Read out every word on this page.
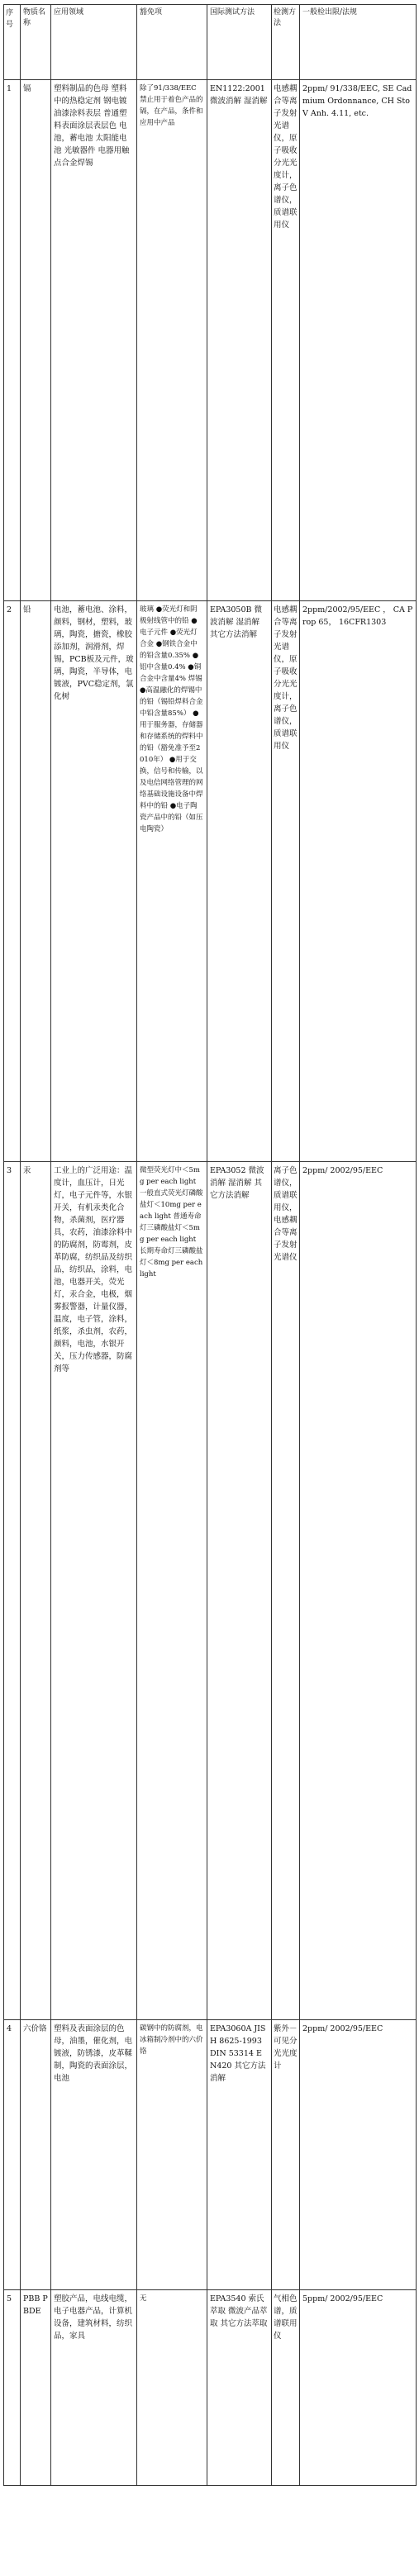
序号	物质名称	应用领域	豁免项	国际测试方法	检测方法	一般检出限/法规
1	镉	塑料制品的色母 塑料中的热稳定剂 钢电镀 油漆涂料表层 普通塑料表面涂层表层色 电池，蓄电池 太阳能电池 光敏器件 电器用触点合金焊锡	除了91/338/EEC 禁止用于着色产品的镉，在产品，条件和应用中产品	EN1122:2001 微波消解 湿消解	电感耦合等离子发射光谱仪，原子吸收分光光度计，离子色谱仪，质谱联用仪	2ppm/ 91/338/EEC, SE Cadmium Ordonnance, CH StoV Anh. 4.11, etc.
2	铅	电池，蓄电池、涂料，颜料，钢材，塑料，玻璃，陶瓷，搪瓷，橡胶添加剂，润滑剂，焊锡，PCB板及元件，玻璃，陶瓷，半导体，电镀液，PVC稳定剂，氯化树	玻璃 ●荧光灯和阴极射线管中的铅 ●电子元件 ●荧光灯 合金 ●钢铁合金中的铅含量0.35% ●铝中含量0.4% ●铜合金中含量4% 焊锡 ●高温融化的焊锡中的铅（锡铅焊料合金中铅含量85%） ●用于服务器，存储器和存储系统的焊料中的铅（豁免准予至2010年） ●用于交换，信号和传输，以及电信网络管理的网络基础设施设备中焊料中的铅 ●电子陶瓷产品中的铅（如压电陶瓷）	EPA3050B 微波消解 湿消解 其它方法消解	电感耦合等离子发射光谱仪，原子吸收分光光度计，离子色谱仪，质谱联用仪	2ppm/2002/95/EEC ， CA Prop 65， 16CFR1303
3	汞	工业上的广泛用途：温度计，血压计，日光灯，电子元件等，水银开关，有机汞类化合物，杀菌剂，医疗器具，农药，油漆涂料中的防腐剂，防霉剂，皮革防腐，纺织品及纺织品，纺织品，涂料，电池，电器开关，荧光灯，汞合金，电极，烟雾报警器，计量仪器，温度，电子管，涂料，纸浆，杀虫剂，农药，颜料，电池，水银开关，压力传感器，防腐剂等	微型荧光灯中＜5mg per each light 一般直式荧光灯磷酸盐灯＜10mg per each light 普通寿命灯三磷酸盐灯＜5mg per each light 长期寿命灯三磷酸盐灯＜8mg per each light	EPA3052 微波消解 湿消解 其它方法消解	离子色谱仪，质谱联用仪，电感耦合等离子发射光谱仪	2ppm/ 2002/95/EEC
4	六价铬	塑料及表面涂层的色母，油墨，催化剂，电镀液，防锈漆，皮革鞣制，陶瓷的表面涂层，电池	碳钢中的防腐剂，电冰箱制冷剂中的六价铬	EPA3060A JIS H 8625-1993 DIN 53314 EN420 其它方法消解	紫外－可见分光光度计	2ppm/ 2002/95/EEC
5	PBB PBDE	塑胶产品，电线电缆，电子电器产品，计算机设备，建筑材料，纺织品，家具	无	EPA3540 索氏萃取 微波产品萃取 其它方法萃取	气相色谱，质谱联用仪	5ppm/ 2002/95/EEC
